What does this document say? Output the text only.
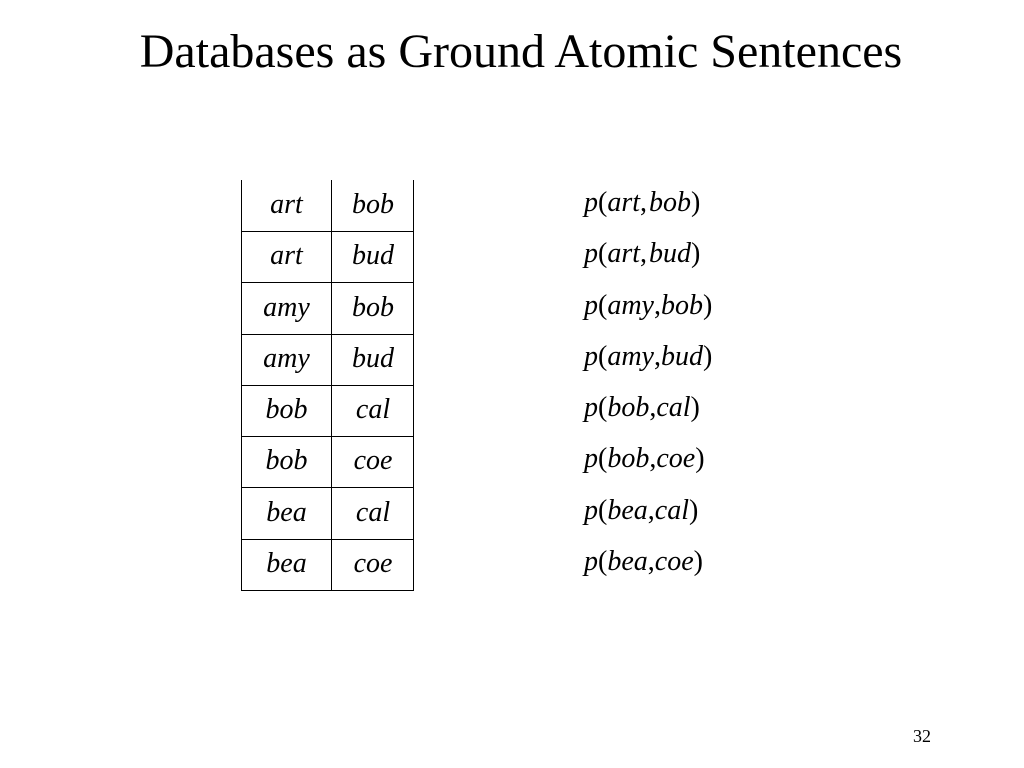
Databases as Ground Atomic Sentences
art	bob
art	bud
amy	bob
amy	bud
bob	cal
bob	coe
bea	cal
bea	coe
p(art,bob)
p(art,bud)
p(amy,bob)
p(amy,bud)
p(bob,cal)
p(bob,coe)
p(bea,cal)
p(bea,coe)
32
